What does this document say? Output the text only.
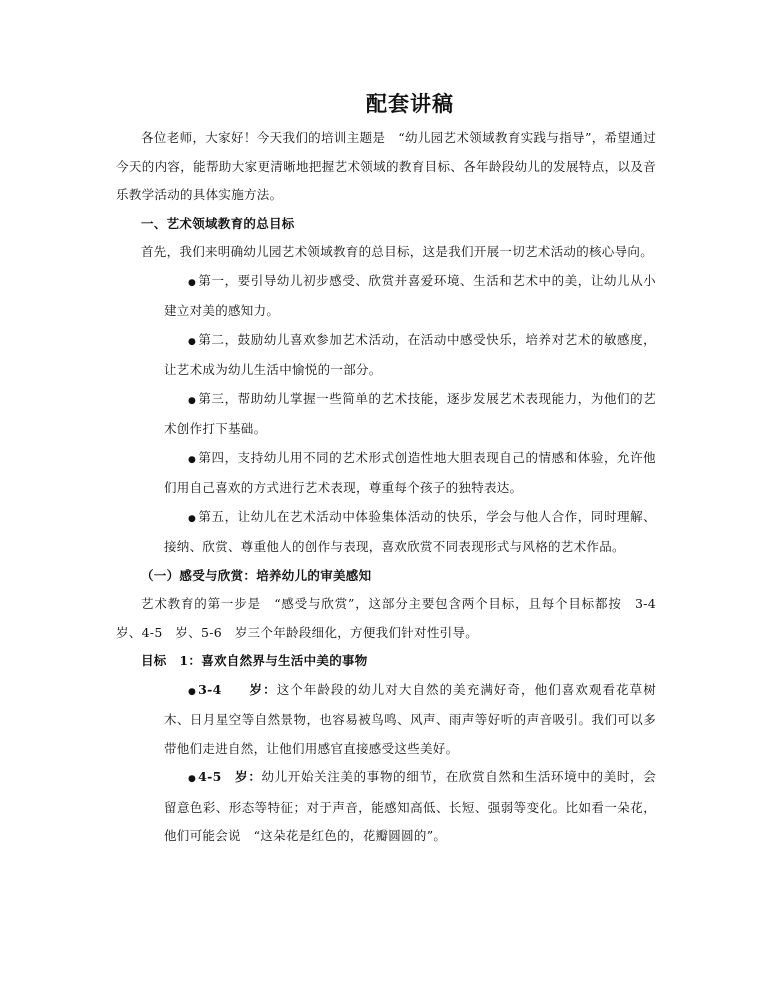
配套讲稿

各位老师，大家好！今天我们的培训主题是　“幼儿园艺术领域教育实践与指导”，希望通过今天的内容，能帮助大家更清晰地把握艺术领域的教育目标、各年龄段幼儿的发展特点，以及音乐教学活动的具体实施方法。

一、艺术领域教育的总目标

首先，我们来明确幼儿园艺术领域教育的总目标，这是我们开展一切艺术活动的核心导向。

● 第一，要引导幼儿初步感受、欣赏并喜爱环境、生活和艺术中的美，让幼儿从小建立对美的感知力。

● 第二，鼓励幼儿喜欢参加艺术活动，在活动中感受快乐，培养对艺术的敏感度，让艺术成为幼儿生活中愉悦的一部分。

● 第三，帮助幼儿掌握一些简单的艺术技能，逐步发展艺术表现能力，为他们的艺术创作打下基础。

● 第四，支持幼儿用不同的艺术形式创造性地大胆表现自己的情感和体验，允许他们用自己喜欢的方式进行艺术表现，尊重每个孩子的独特表达。

● 第五，让幼儿在艺术活动中体验集体活动的快乐，学会与他人合作，同时理解、接纳、欣赏、尊重他人的创作与表现，喜欢欣赏不同表现形式与风格的艺术作品。

（一）感受与欣赏：培养幼儿的审美感知

艺术教育的第一步是　“感受与欣赏”，这部分主要包含两个目标，且每个目标都按　3-4　岁、4-5　岁、5-6　岁三个年龄段细化，方便我们针对性引导。

目标　1：喜欢自然界与生活中美的事物

● 3-4　　岁：这个年龄段的幼儿对大自然的美充满好奇，他们喜欢观看花草树木、日月星空等自然景物，也容易被鸟鸣、风声、雨声等好听的声音吸引。我们可以多带他们走进自然，让他们用感官直接感受这些美好。

● 4-5　岁：幼儿开始关注美的事物的细节，在欣赏自然和生活环境中的美时，会留意色彩、形态等特征；对于声音，能感知高低、长短、强弱等变化。比如看一朵花，他们可能会说　“这朵花是红色的，花瓣圆圆的”。
